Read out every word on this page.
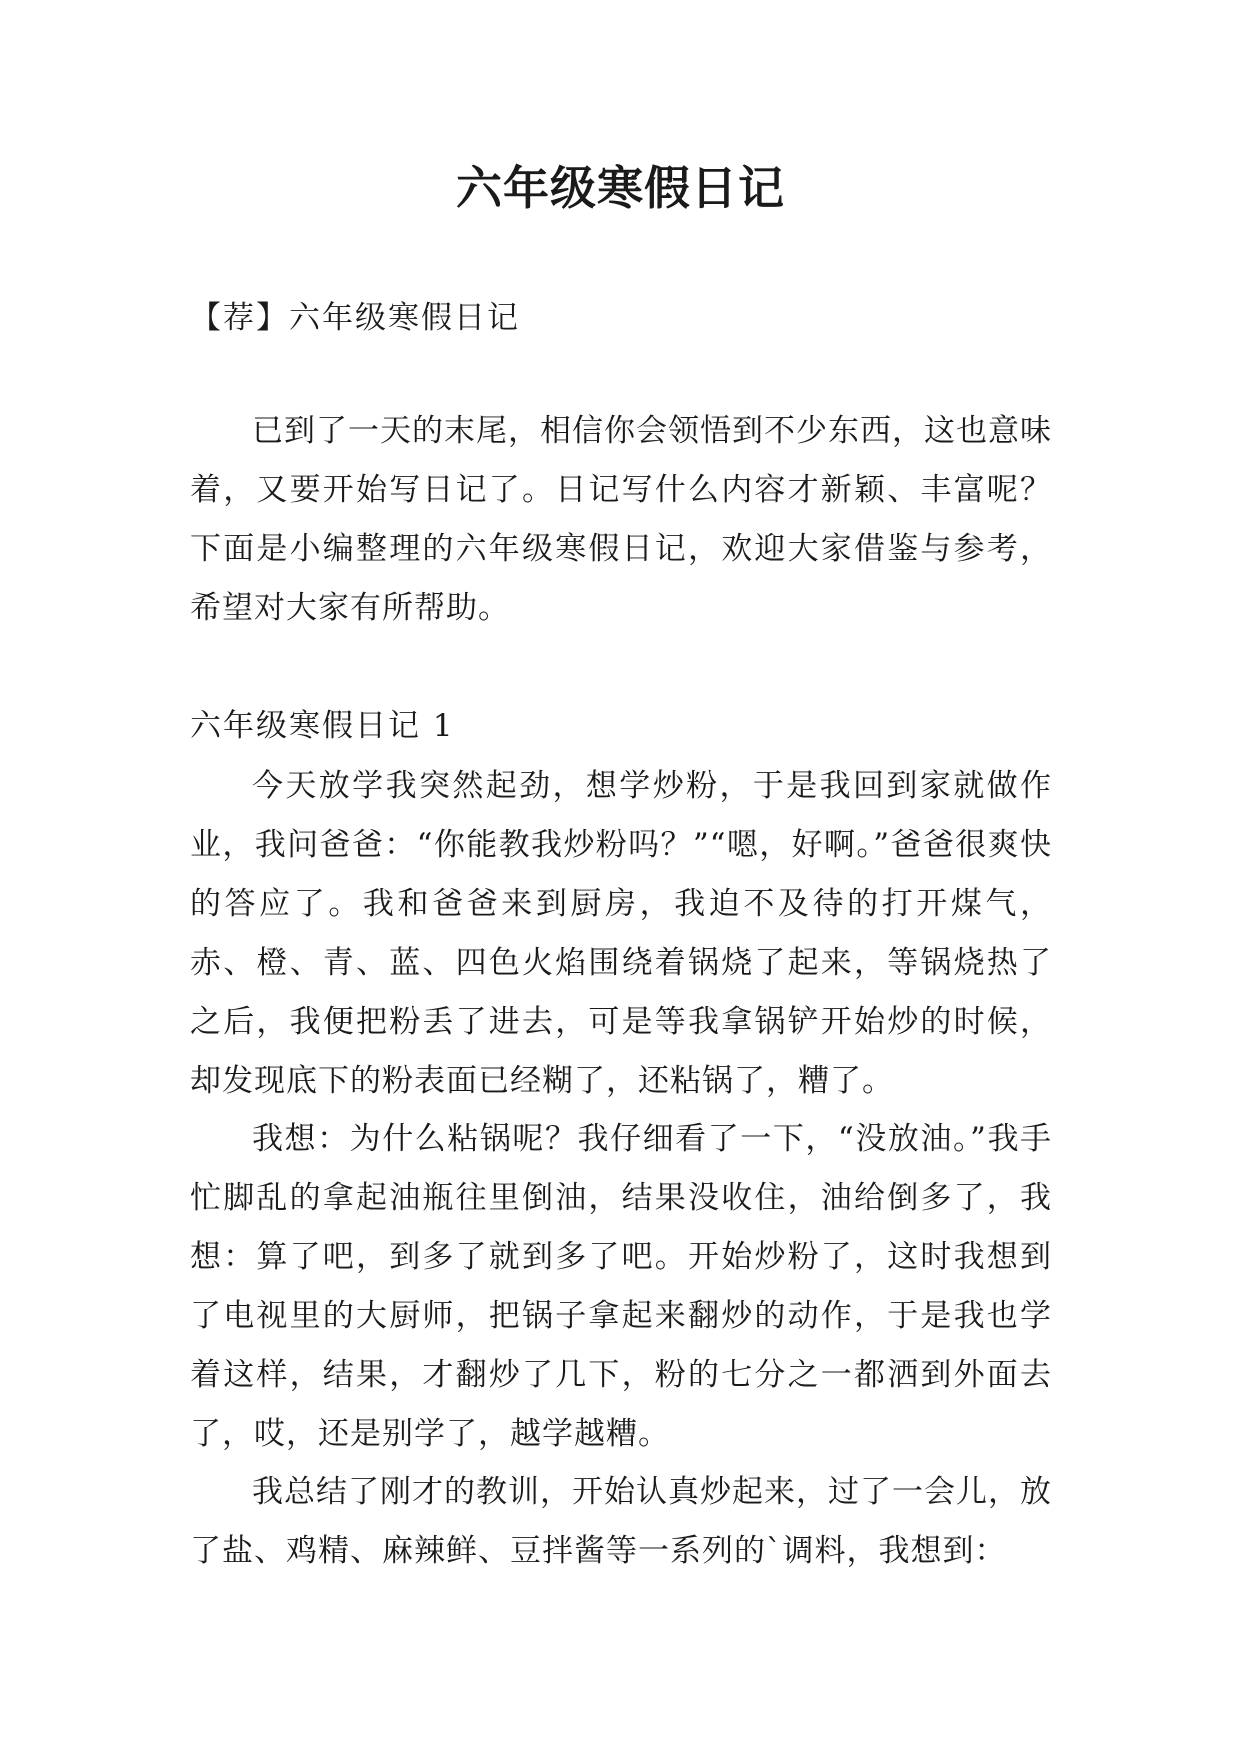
六年级寒假日记

【荐】六年级寒假日记

已到了一天的末尾，相信你会领悟到不少东西，这也意味着，又要开始写日记了。日记写什么内容才新颖、丰富呢？下面是小编整理的六年级寒假日记，欢迎大家借鉴与参考，希望对大家有所帮助。

六年级寒假日记 1

今天放学我突然起劲，想学炒粉，于是我回到家就做作业，我问爸爸：“你能教我炒粉吗？”“嗯，好啊。”爸爸很爽快的答应了。我和爸爸来到厨房，我迫不及待的打开煤气，赤、橙、青、蓝、四色火焰围绕着锅烧了起来，等锅烧热了之后，我便把粉丢了进去，可是等我拿锅铲开始炒的时候，却发现底下的粉表面已经糊了，还粘锅了，糟了。

我想：为什么粘锅呢？我仔细看了一下，“没放油。”我手忙脚乱的拿起油瓶往里倒油，结果没收住，油给倒多了，我想：算了吧，到多了就到多了吧。开始炒粉了，这时我想到了电视里的大厨师，把锅子拿起来翻炒的动作，于是我也学着这样，结果，才翻炒了几下，粉的七分之一都洒到外面去了，哎，还是别学了，越学越糟。

我总结了刚才的教训，开始认真炒起来，过了一会儿，放了盐、鸡精、麻辣鲜、豆拌酱等一系列的`调料，我想到：
